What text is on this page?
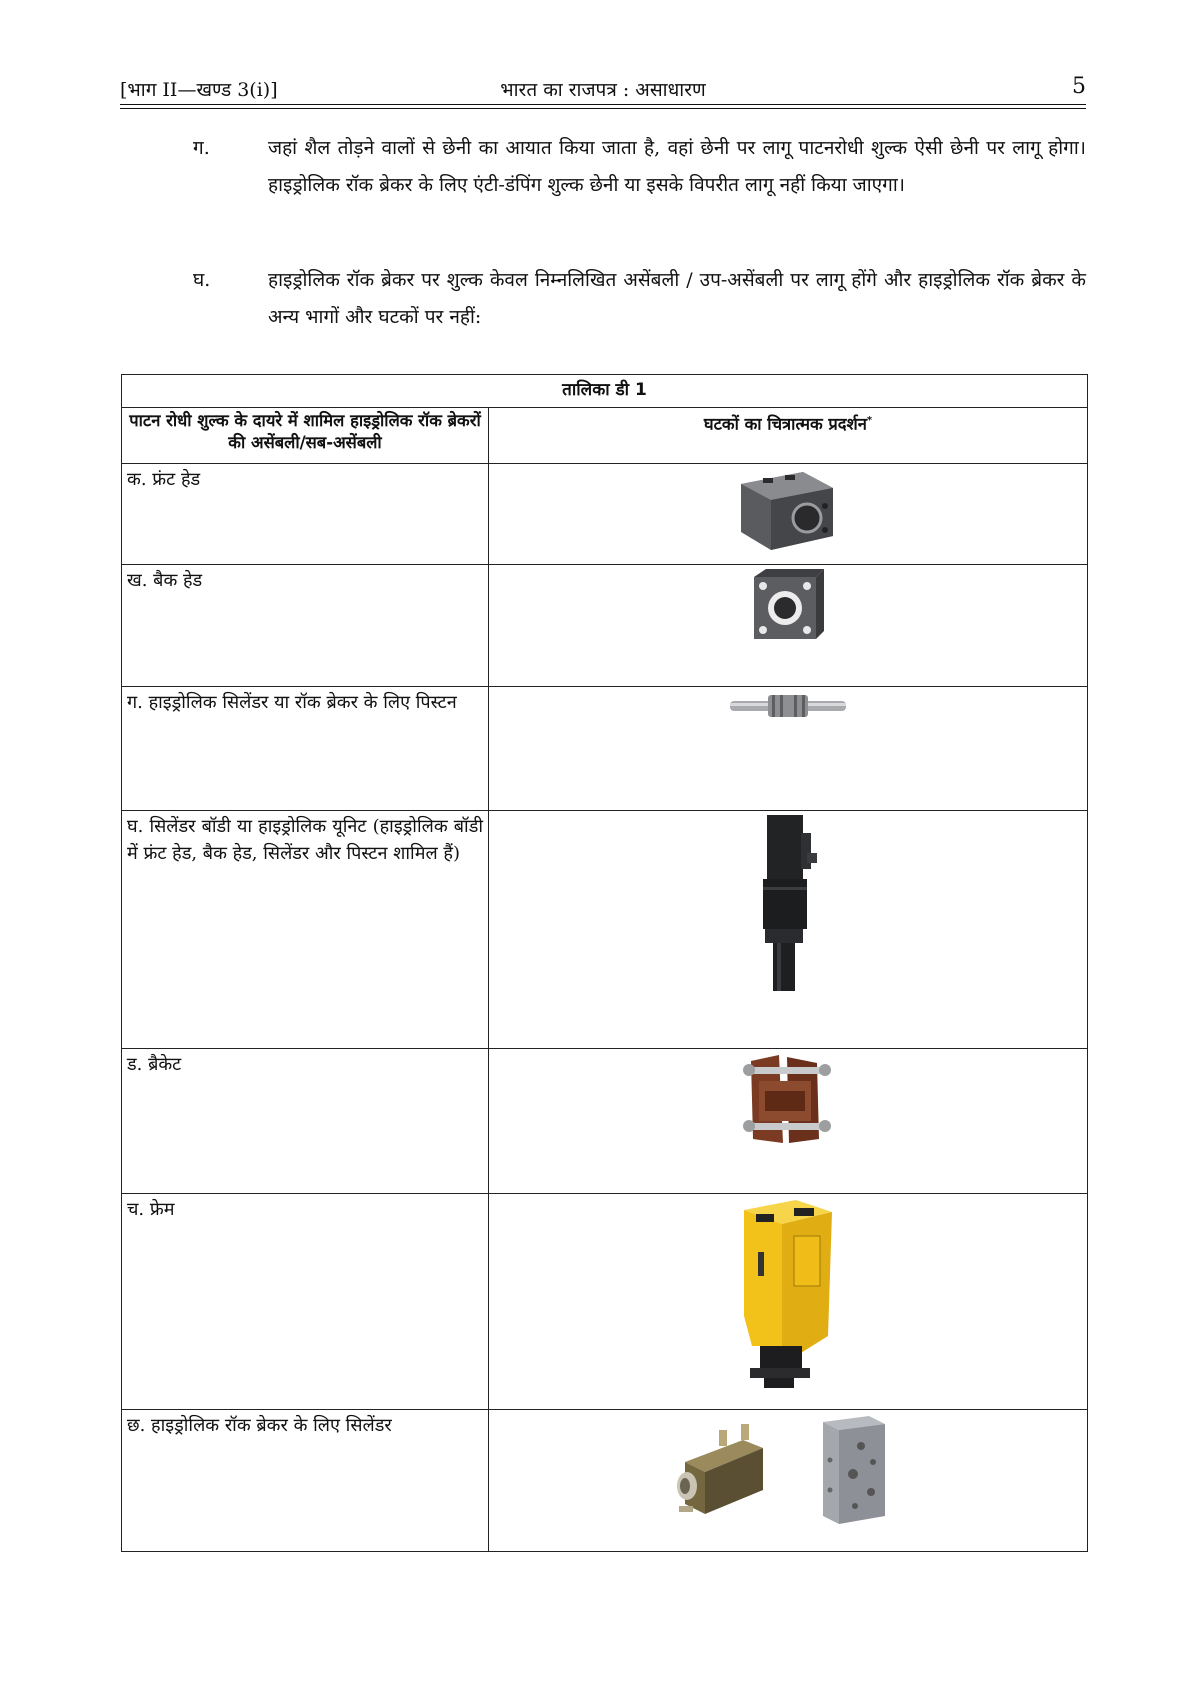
[भाग II—खण्ड 3(i)]	भारत का राजपत्र : असाधारण	5
ग.	जहां शैल तोड़ने वालों से छेनी का आयात किया जाता है, वहां छेनी पर लागू पाटनरोधी शुल्क ऐसी छेनी पर लागू होगा। हाइड्रोलिक रॉक ब्रेकर के लिए एंटी-डंपिंग शुल्क छेनी या इसके विपरीत लागू नहीं किया जाएगा।
घ.	हाइड्रोलिक रॉक ब्रेकर पर शुल्क केवल निम्नलिखित असेंबली / उप-असेंबली पर लागू होंगे और हाइड्रोलिक रॉक ब्रेकर के अन्य भागों और घटकों पर नहीं:
तालिका डी 1	
पाटन रोधी शुल्क के दायरे में शामिल हाइड्रोलिक रॉक ब्रेकरों की असेंबली/सब-असेंबली	घटकों का चित्रात्मक प्रदर्शन*
क. फ्रंट हेड	
ख. बैक हेड	
ग. हाइड्रोलिक सिलेंडर या रॉक ब्रेकर के लिए पिस्टन	
घ. सिलेंडर बॉडी या हाइड्रोलिक यूनिट (हाइड्रोलिक बॉडी में फ्रंट हेड, बैक हेड, सिलेंडर और पिस्टन शामिल हैं)	
ड. ब्रैकेट	
च. फ्रेम	
छ. हाइड्रोलिक रॉक ब्रेकर के लिए सिलेंडर	
